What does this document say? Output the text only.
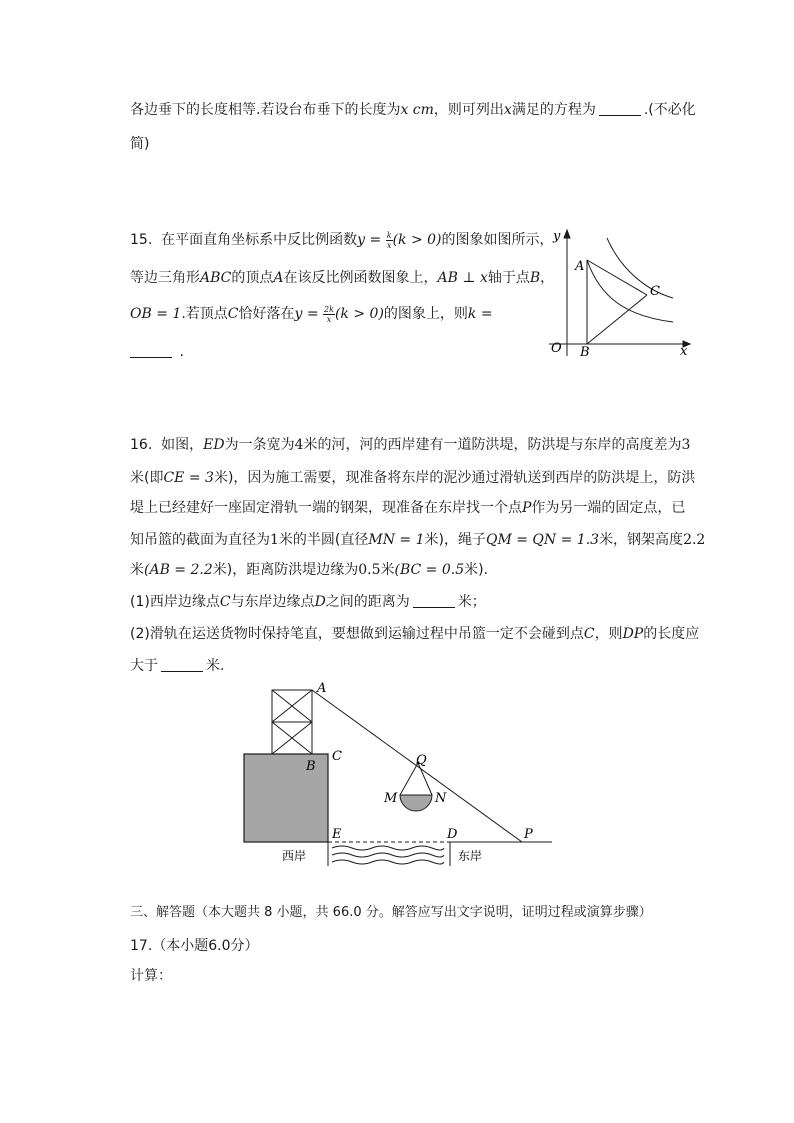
各边垂下的长度相等.若设台布垂下的长度为x cm，则可列出x满足的方程为	.(不必化
简)
15. 在平面直角坐标系中反比例函数$y = \frac{k}{x} (k > 0)$的图象如图所示，
等边三角形ABC的顶点A在该反比例函数图象上，AB ⊥ x轴于点B，
OB = 1.若顶点C恰好落在$y = \frac{2k}{x} (k > 0)$的图象上，则k =
.	O
y
x
A
B
C
16. 如图，ED为一条宽为4米的河，河的西岸建有一道防洪堤，防洪堤与东岸的高度差为3
米(即CE = 3米)，因为施工需要，现准备将东岸的泥沙通过滑轨送到西岸的防洪堤上，防洪
堤上已经建好一座固定滑轨一端的钢架，现准备在东岸找一个点P作为另一端的固定点，已
知吊篮的截面为直径为1米的半圆(直径MN = 1米)，绳子QM = QN = 1.3米，钢架高度2.2
米(AB = 2.2米)，距离防洪堤边缘为0.5米(BC = 0.5米).
(1)西岸边缘点C与东岸边缘点D之间的距离为	米；
(2)滑轨在运送货物时保持笔直，要想做到运输过程中吊篮一定不会碰到点C，则DP的长度应
大于	米.
A
B
C	Q
M	N
E	D	P
西岸	东岸
三、解答题（本大题共 8 小题，共 66.0 分。解答应写出文字说明，证明过程或演算步骤）
17.（本小题6.0分）
计算：
